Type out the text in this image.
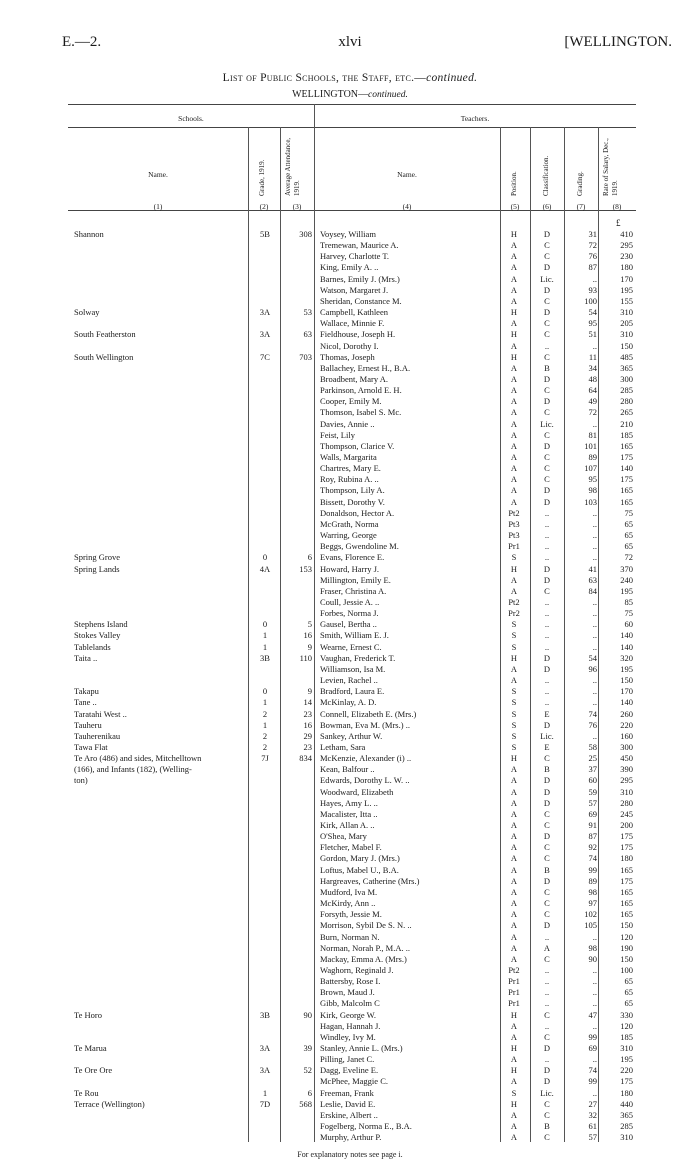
E.—2.	xlvi	[WELLINGTON.
List of Public Schools, the Staff, etc.—continued.
WELLINGTON—continued.
Schools.	Teachers.
Name.	Name.
Grade, 1919.	Average Attendance, 1919.	Position.	Classification.	Grading.	Rate of Salary, Dec., 1919.
(1)	(2)	(3)	(4)	(5)	(6)	(7)	(8)
£
Shannon	5B	308 Voysey, William	H	D	31	410
Tremewan, Maurice A.	A	C	72	295
Harvey, Charlotte T.	A	C	76	230
King, Emily A. ..	A	D	87	180
Barnes, Emily J. (Mrs.)	A	Lic.	..	170
Watson, Margaret J.	A	D	93	195
Sheridan, Constance M.	A	C	100	155
Solway	3A	53 Campbell, Kathleen	H	D	54	310
Wallace, Minnie F.	A	C	95	205
South Featherston	3A	63 Fieldhouse, Joseph H.	H	C	51	310
Nicol, Dorothy I.	A	..	..	150
South Wellington	7C	703 Thomas, Joseph	H	C	11	485
Ballachey, Ernest H., B.A.	A	B	34	365
Broadbent, Mary A.	A	D	48	300
Parkinson, Arnold E. H.	A	C	64	285
Cooper, Emily M.	A	D	49	280
Thomson, Isabel S. Mc.	A	C	72	265
Davies, Annie ..	A	Lic.	..	210
Feist, Lily	A	C	81	185
Thompson, Clarice V.	A	D	101	165
Walls, Margarita	A	C	89	175
Chartres, Mary E.	A	C	107	140
Roy, Rubina A. ..	A	C	95	175
Thompson, Lily A.	A	D	98	165
Bissett, Dorothy V.	A	D	103	165
Donaldson, Hector A.	Pt2	..	..	75
McGrath, Norma	Pt3	..	..	65
Warring, George	Pt3	..	..	65
Beggs, Gwendoline M.	Pr1	..	..	65
Spring Grove	0	6 Evans, Florence E.	S	..	..	72
Spring Lands	4A	153 Howard, Harry J.	H	D	41	370
Millington, Emily E.	A	D	63	240
Fraser, Christina A.	A	C	84	195
Coull, Jessie A. ..	Pt2	..	..	85
Forbes, Norma J.	Pr2	..	..	75
Stephens Island	0	5 Gausel, Bertha ..	S	..	..	60
Stokes Valley	1	16 Smith, William E. J.	S	..	..	140
Tablelands	1	9 Wearne, Ernest C.	S	..	..	140
Taita ..	3B	110 Vaughan, Frederick T.	H	D	54	320
Williamson, Isa M.	A	D	96	195
Levien, Rachel ..	A	..	..	150
Takapu	0	9 Bradford, Laura E.	S	..	..	170
Tane ..	1	14 McKinlay, A. D.	S	..	..	140
Taratahi West ..	2	23 Connell, Elizabeth E. (Mrs.)	S	E	74	260
Tauheru	1	16 Bowman, Eva M. (Mrs.) ..	S	D	76	220
Tauherenikau	2	29 Sankey, Arthur W.	S	Lic.	..	160
Tawa Flat	2	23 Letham, Sara	S	E	58	300
Te Aro (486) and sides, Mitchelltown	7J	834 McKenzie, Alexander (i) ..	H	C	25	450
(166), and Infants (182), (Welling-	Kean, Balfour ..	A	B	37	390
ton)	Edwards, Dorothy L. W. ..	A	D	60	295
Woodward, Elizabeth	A	D	59	310
Hayes, Amy L. ..	A	D	57	280
Macalister, Itta ..	A	C	69	245
Kirk, Allan A. ..	A	C	91	200
O'Shea, Mary	A	D	87	175
Fletcher, Mabel F.	A	C	92	175
Gordon, Mary J. (Mrs.)	A	C	74	180
Loftus, Mabel U., B.A.	A	B	99	165
Hargreaves, Catherine (Mrs.)	A	D	89	175
Mudford, Iva M.	A	C	98	165
McKirdy, Ann ..	A	C	97	165
Forsyth, Jessie M.	A	C	102	165
Morrison, Sybil De S. N. ..	A	D	105	150
Burn, Norman N.	A	..	..	120
Norman, Norah P., M.A. ..	A	A	98	190
Mackay, Emma A. (Mrs.)	A	C	90	150
Waghorn, Reginald J.	Pt2	..	..	100
Battersby, Rose I.	Pr1	..	..	65
Brown, Maud J.	Pr1	..	..	65
Gibb, Malcolm C	Pr1	..	..	65
Te Horo	3B	90 Kirk, George W.	H	C	47	330
Hagan, Hannah J.	A	..	..	120
Windley, Ivy M.	A	C	99	185
Te Marua	3A	39 Stanley, Annie L. (Mrs.)	H	D	69	310
Pilling, Janet C.	A	..	..	195
Te Ore Ore	3A	52 Dagg, Eveline E.	H	D	74	220
McPhee, Maggie C.	A	D	99	175
Te Rou	1	6 Freeman, Frank	S	Lic.	..	180
Terrace (Wellington)	7D	568 Leslie, David E.	H	C	27	440
Erskine, Albert ..	A	C	32	365
Fogelberg, Norma E., B.A.	A	B	61	285
Murphy, Arthur P.	A	C	57	310
For explanatory notes see page i.
